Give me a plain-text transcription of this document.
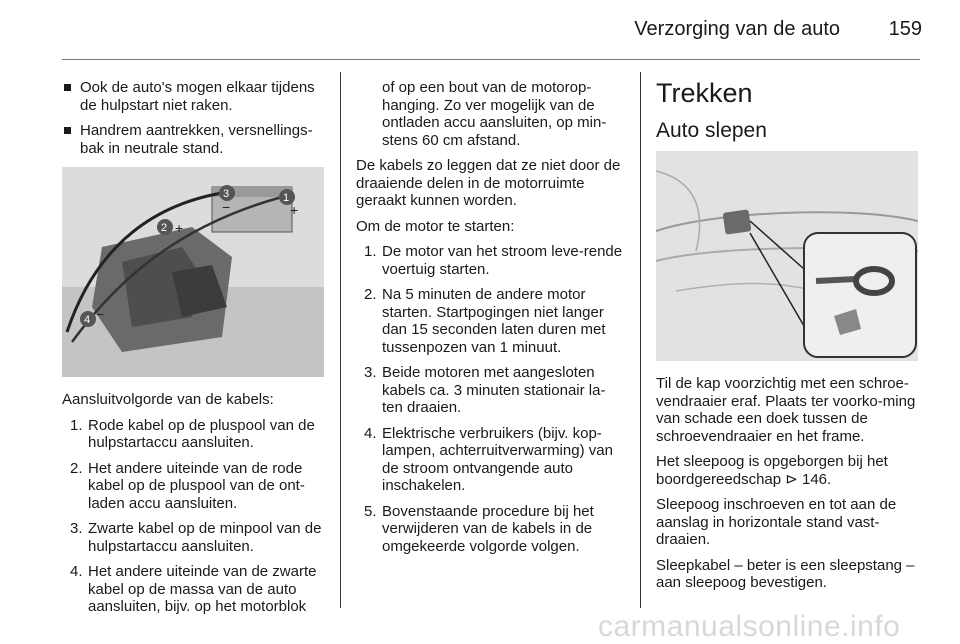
Verzorging van de auto	159
Ook de auto's mogen elkaar tijdens de hulpstart niet raken.
Handrem aantrekken, versnellings-bak in neutrale stand.
3
−
1
+
2 +
4 −

Aansluitvolgorde van de kabels:

1. Rode kabel op de pluspool van de hulpstartaccu aansluiten.
2. Het andere uiteinde van de rode kabel op de pluspool van de ont-laden accu aansluiten.
3. Zwarte kabel op de minpool van de hulpstartaccu aansluiten.
4. Het andere uiteinde van de zwarte kabel op de massa van de auto aansluiten, bijv. op het motorblok

of op een bout van de motorop-hanging. Zo ver mogelijk van de ontladen accu aansluiten, op min-stens 60 cm afstand.

De kabels zo leggen dat ze niet door de draaiende delen in de motorruimte geraakt kunnen worden.

Om de motor te starten:

1. De motor van het stroom leve-rende voertuig starten.
2. Na 5 minuten de andere motor starten. Startpogingen niet langer dan 15 seconden laten duren met tussenpozen van 1 minuut.
3. Beide motoren met aangesloten kabels ca. 3 minuten stationair la-ten draaien.
4. Elektrische verbruikers (bijv. kop-lampen, achterruitverwarming) van de stroom ontvangende auto inschakelen.
5. Bovenstaande procedure bij het verwijderen van de kabels in de omgekeerde volgorde volgen.
Trekken
Auto slepen

Til de kap voorzichtig met een schroe-vendraaier eraf. Plaats ter voorko-ming van schade een doek tussen de schroevendraaier en het frame.

Het sleepoog is opgeborgen bij het boordgereedschap ⊳ 146.

Sleepoog inschroeven en tot aan de aanslag in horizontale stand vast-draaien.

Sleepkabel – beter is een sleepstang – aan sleepoog bevestigen.

carmanualsonline.info
